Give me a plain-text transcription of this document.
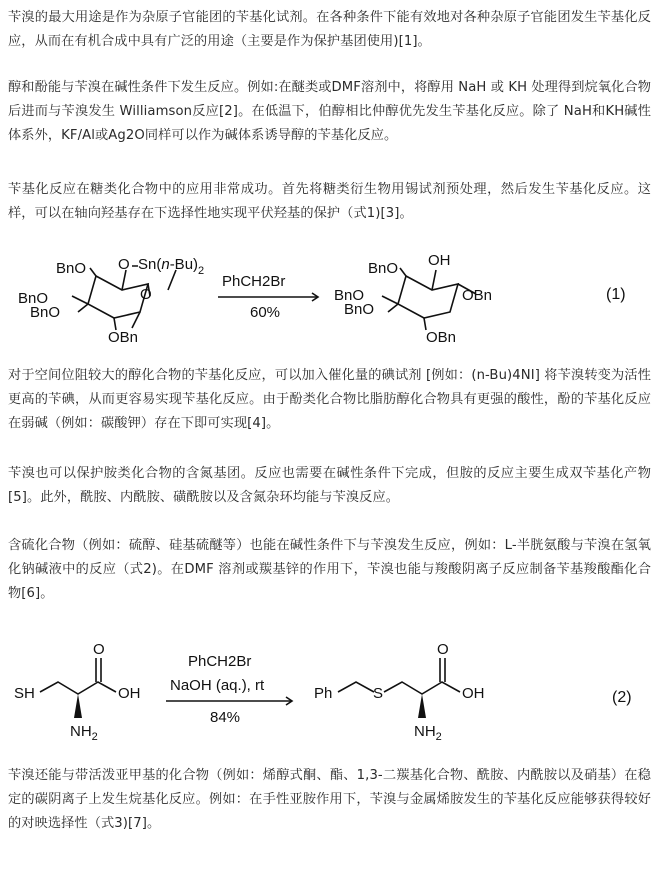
苄溴的最大用途是作为杂原子官能团的苄基化试剂。在各种条件下能有效地对各种杂原子官能团发生苄基化反应，从而在有机合成中具有广泛的用途（主要是作为保护基团使用)[1]。

醇和酚能与苄溴在碱性条件下发生反应。例如:在醚类或DMF溶剂中，将醇用 NaH 或 KH 处理得到烷氧化合物后进而与苄溴发生 Williamson反应[2]。在低温下，伯醇相比仲醇优先发生苄基化反应。除了 NaH和KH碱性体系外，KF/Al或Ag2O同样可以作为碱体系诱导醇的苄基化反应。

苄基化反应在糖类化合物中的应用非常成功。首先将糖类衍生物用锡试剂预处理，然后发生苄基化反应。这样，可以在轴向羟基存在下选择性地实现平伏羟基的保护（式1)[3]。

BnO
BnO
BnO
OBn
O $Sn(n-Bu)_2$
O
PhCH2Br
60%
BnO OH
BnO
BnO
OBn
OBn
(1)

对于空间位阻较大的醇化合物的苄基化反应，可以加入催化量的碘试剂 [例如：(n-Bu)4NI] 将苄溴转变为活性更高的苄碘，从而更容易实现苄基化反应。由于酚类化合物比脂肪醇化合物具有更强的酸性，酚的苄基化反应在弱碱（例如：碳酸钾）存在下即可实现[4]。

苄溴也可以保护胺类化合物的含氮基团。反应也需要在碱性条件下完成，但胺的反应主要生成双苄基化产物[5]。此外，酰胺、内酰胺、磺酰胺以及含氮杂环均能与苄溴反应。

含硫化合物（例如：硫醇、硅基硫醚等）也能在碱性条件下与苄溴发生反应，例如：L-半胱氨酸与苄溴在氢氧化钠碱液中的反应（式2)。在DMF 溶剂或羰基锌的作用下，苄溴也能与羧酸阴离子反应制备苄基羧酸酯化合物[6]。

SH
O
OH
$NH_2$
PhCH2Br
NaOH (aq.), rt
84%
Ph	S
O
OH
$NH_2$
(2)

苄溴还能与带活泼亚甲基的化合物（例如：烯醇式酮、酯、1,3-二羰基化合物、酰胺、内酰胺以及硝基）在稳定的碳阴离子上发生烷基化反应。例如：在手性亚胺作用下，苄溴与金属烯胺发生的苄基化反应能够获得较好的对映选择性（式3)[7]。
